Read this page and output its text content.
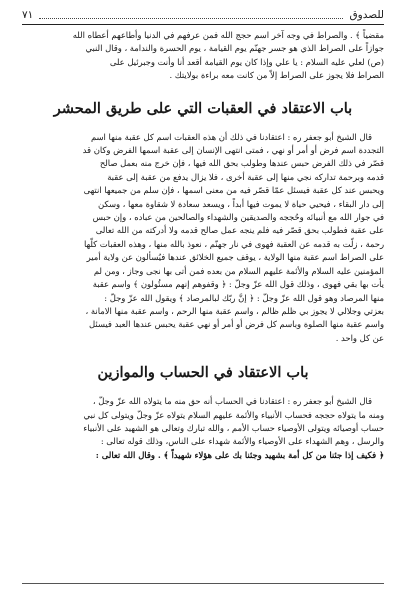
للصدوق
٧١

مقضياً ﴾ . والصراط في وجه آخر اسم حجج الله فمن عرفهم في الدنيا وأطاعهم أعطاه الله

جوازاً على الصراط الذي هو جسر جهنّم يوم القيامة ، يوم الحسرة والندامة ، وقال النبي

(ص) لعلي عليه السلام : يا علي وإذا كان يوم القيامة أقعد أنا وأنت وجبرئيل على

الصراط فلا يجوز على الصراط إلاّ من كانت معه براءة بولايتك .

باب الاعتقاد في العقبات التي على طريق المحشر

قال الشيخ أبو جعفر ره : اعتقادنا في ذلك أن هذه العقبات اسم كل عقبة منها اسم

التجددة اسم فرض أو أمر أو نهي ، فمتى انتهى الإنسان إلى عقبة اسمها الفرض وكان قد

قصّر في ذلك الفرض حبس عندها وطولب بحق الله فيها ، فإن خرج منه بعمل صالح

قدمه وبرحمة تداركه نجي منها إلى عقبة أخرى ، فلا يزال يدفع من عقبة إلى عقبة

ويحبس عند كل عقبة فيسئل عمّا قصّر فيه من معنى اسمها ، فإن سلم من جميعها انتهى

إلى دار البقاء ، فيحيي حياة لا يموت فيها أبداً ، ويسعد سعادة لا شقاوة معها ، وسكن

في جوار الله مع أنبيائه وحُججه والصديقين والشهداء والصالحين من عباده ، وإن حبس

على عقبة فطولب بحق قصّر فيه فلم ينجه عمل صالح قدمه ولا أدركته من الله تعالى

رحمة ، زلّت به قدمه عن العقبة فهوى في نار جهنّم ، نعوذ بالله منها ، وهذه العقبات كلّها

على الصراط اسم عقبة منها الولاية ، يوقف جميع الخلائق عندها فيُسألون عن ولاية أمير

المؤمنين عليه السلام والأئمة عليهم السلام من بعده فمن أتى بها نجى وجاز ، ومن لم

يأت بها بقي فهوى ، وذلك قول الله عزّ وجلّ : ﴿ وقفوهم إنهم مسئُولون ﴾ واسم عقبة

منها المرصاد وهو قول الله عزّ وجلّ : ﴿ إنَّ ربّك لبالمرصاد ﴾ ويقول الله عزّ وجلّ :

بعزتي وجلالي لا يجوز بي ظلم ظالم ، واسم عقبة منها الرحم ، واسم عقبة منها الامانة ،

واسم عقبة منها الصلوة وباسم كل فرض أو أمر أو نهي عقبة يحبس عندها العبد فيسئل

عن كل واحد .

باب الاعتقاد في الحساب والموازين

قال الشيخ أبو جعفر ره : اعتقادنا في الحساب أنه حق منه ما يتولاه الله عزّ وجلّ ،

ومنه ما يتولاه حججه فحساب الأنبياء والأئمة عليهم السلام يتولاه عزّ وجلّ ويتولى كل نبي

حساب أوصيائه ويتولى الأوصياء حساب الأمم ، والله تبارك وتعالى هو الشهيد على الأنبياء

والرسل ، وهم الشهداء على الأوصياء والأئمة شهداء على الناس، وذلك قوله تعالى :

﴿ فكيف إذا جئنا من كل أمة بشهيد وجئنا بك على هؤلاء شهيداً ﴾ . وقال الله تعالى :
